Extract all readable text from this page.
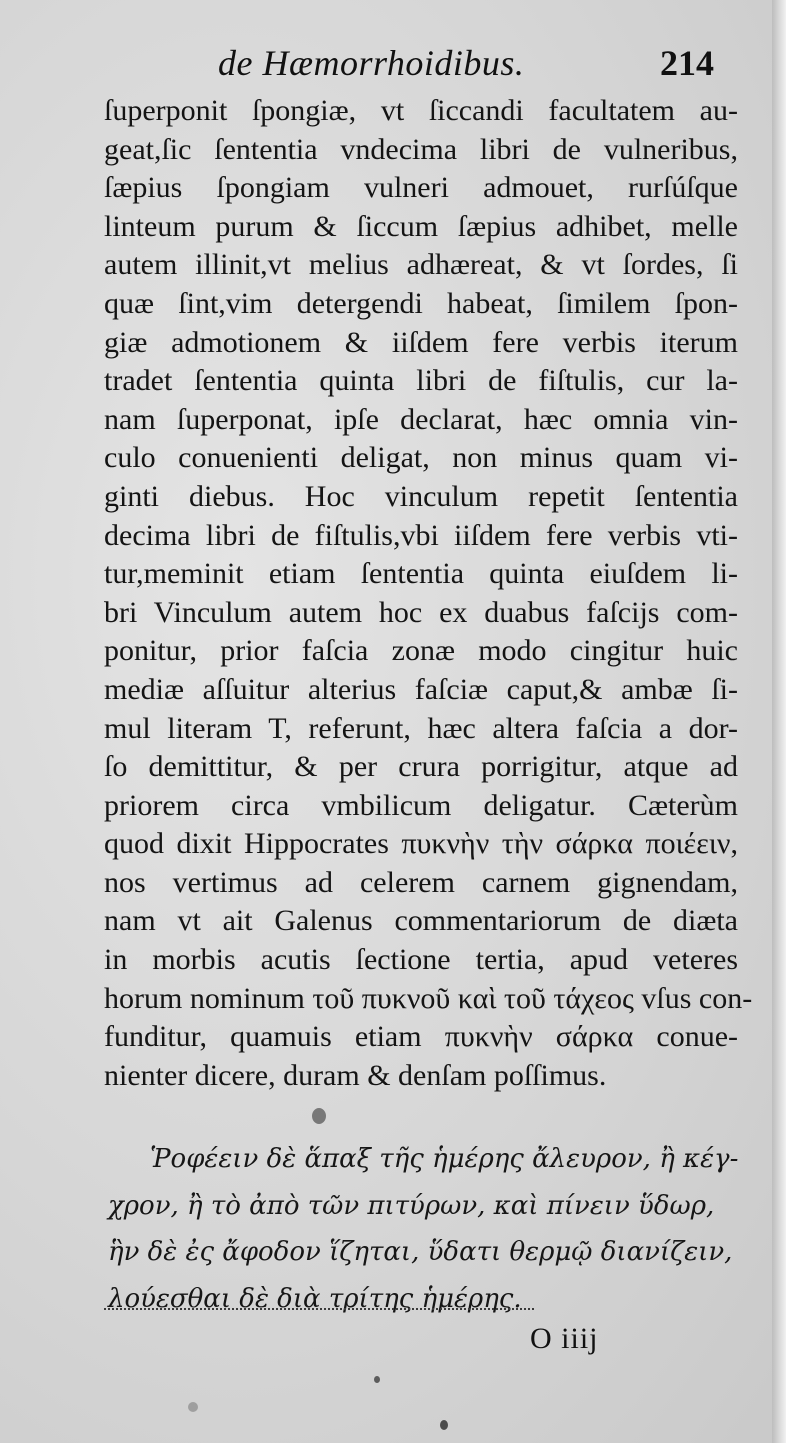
de Hæmorrhoidibus.	214
ſuperponit ſpongiæ, vt ſiccandi facultatem au-
geat,ſic ſententia vndecima libri de vulneribus,
ſæpius ſpongiam vulneri admouet, rurſúſque
linteum purum & ſiccum ſæpius adhibet, melle
autem illinit,vt melius adhæreat, & vt ſordes, ſi
quæ ſint,vim detergendi habeat, ſimilem ſpon-
giæ admotionem & iiſdem fere verbis iterum
tradet ſententia quinta libri de fiſtulis, cur la-
nam ſuperponat, ipſe declarat, hæc omnia vin-
culo conuenienti deligat, non minus quam vi-
ginti diebus. Hoc vinculum repetit ſententia
decima libri de fiſtulis,vbi iiſdem fere verbis vti-
tur,meminit etiam ſententia quinta eiuſdem li-
bri Vinculum autem hoc ex duabus faſcijs com-
ponitur, prior faſcia zonæ modo cingitur huic
mediæ aſſuitur alterius faſciæ caput,& ambæ ſi-
mul literam T, referunt, hæc altera faſcia a dor-
ſo demittitur, & per crura porrigitur, atque ad
priorem circa vmbilicum deligatur. Cæterùm
quod dixit Hippocrates πυκνὴν τὴν σάρκα ποιέειν,
nos vertimus ad celerem carnem gignendam,
nam vt ait Galenus commentariorum de diæta
in morbis acutis ſectione tertia, apud veteres
horum nominum τοῦ πυκνοῦ καὶ τοῦ τάχεος vſus con-
funditur, quamuis etiam πυκνὴν σάρκα conue-
nienter dicere, duram & denſam poſſimus.
Ῥοφέειν δὲ ἅπαξ τῆς ἡμέρης ἄλευρον, ἢ κέγ-
χρον, ἢ τὸ ἀπὸ τῶν πιτύρων, καὶ πίνειν ὕδωρ,
ἣν δὲ ἐς ἄφοδον ἵζηται, ὕδατι θερμῷ διανίζειν,
λούεσθαι δὲ διὰ τρίτης ἡμέρης.
O iiij
